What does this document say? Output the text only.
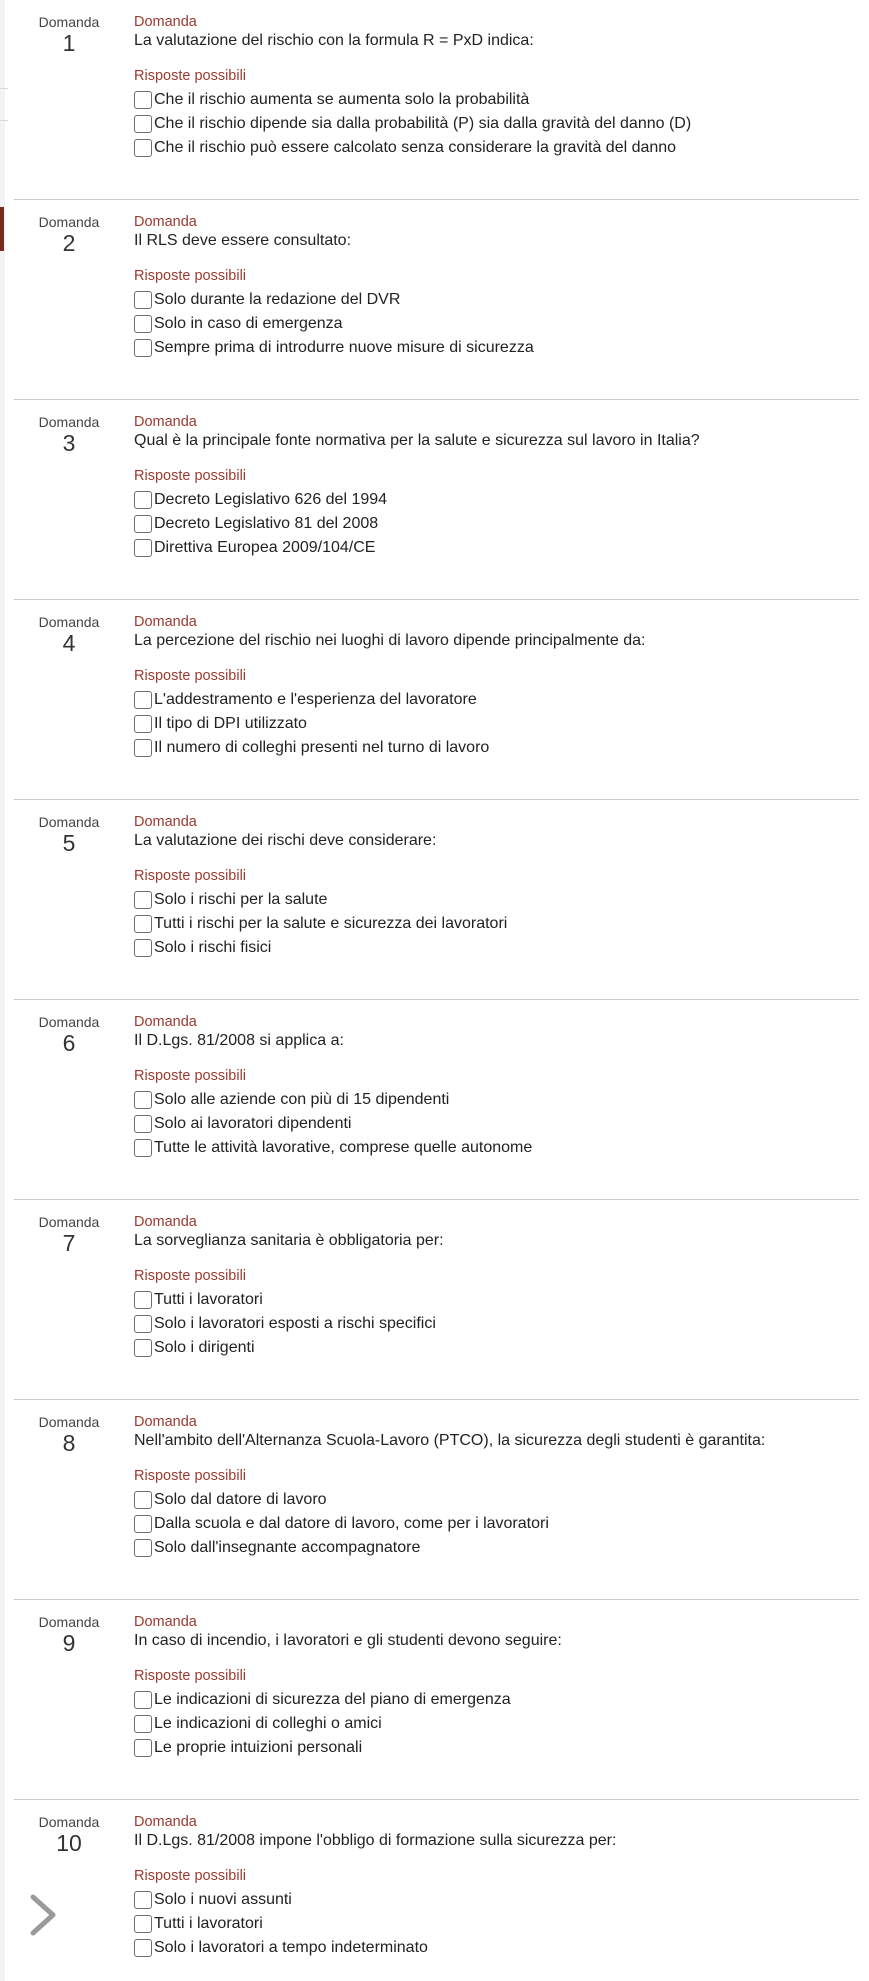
Domanda
1
Domanda
La valutazione del rischio con la formula R = PxD indica:
Risposte possibili
Che il rischio aumenta se aumenta solo la probabilità
Che il rischio dipende sia dalla probabilità (P) sia dalla gravità del danno (D)
Che il rischio può essere calcolato senza considerare la gravità del danno
Domanda
2
Domanda
Il RLS deve essere consultato:
Risposte possibili
Solo durante la redazione del DVR
Solo in caso di emergenza
Sempre prima di introdurre nuove misure di sicurezza
Domanda
3
Domanda
Qual è la principale fonte normativa per la salute e sicurezza sul lavoro in Italia?
Risposte possibili
Decreto Legislativo 626 del 1994
Decreto Legislativo 81 del 2008
Direttiva Europea 2009/104/CE
Domanda
4
Domanda
La percezione del rischio nei luoghi di lavoro dipende principalmente da:
Risposte possibili
L'addestramento e l'esperienza del lavoratore
Il tipo di DPI utilizzato
Il numero di colleghi presenti nel turno di lavoro
Domanda
5
Domanda
La valutazione dei rischi deve considerare:
Risposte possibili
Solo i rischi per la salute
Tutti i rischi per la salute e sicurezza dei lavoratori
Solo i rischi fisici
Domanda
6
Domanda
Il D.Lgs. 81/2008 si applica a:
Risposte possibili
Solo alle aziende con più di 15 dipendenti
Solo ai lavoratori dipendenti
Tutte le attività lavorative, comprese quelle autonome
Domanda
7
Domanda
La sorveglianza sanitaria è obbligatoria per:
Risposte possibili
Tutti i lavoratori
Solo i lavoratori esposti a rischi specifici
Solo i dirigenti
Domanda
8
Domanda
Nell'ambito dell'Alternanza Scuola-Lavoro (PTCO), la sicurezza degli studenti è garantita:
Risposte possibili
Solo dal datore di lavoro
Dalla scuola e dal datore di lavoro, come per i lavoratori
Solo dall'insegnante accompagnatore
Domanda
9
Domanda
In caso di incendio, i lavoratori e gli studenti devono seguire:
Risposte possibili
Le indicazioni di sicurezza del piano di emergenza
Le indicazioni di colleghi o amici
Le proprie intuizioni personali
Domanda
10
Domanda
Il D.Lgs. 81/2008 impone l'obbligo di formazione sulla sicurezza per:
Risposte possibili
Solo i nuovi assunti
Tutti i lavoratori
Solo i lavoratori a tempo indeterminato
